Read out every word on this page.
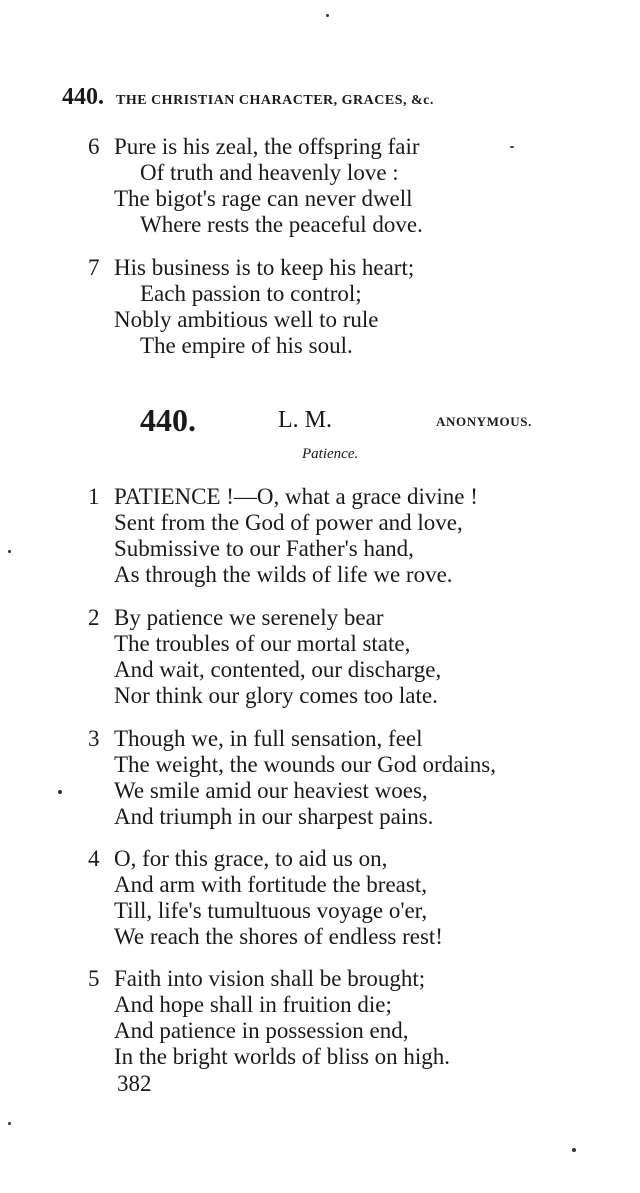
440. THE CHRISTIAN CHARACTER, GRACES, &c.
6 Pure is his zeal, the offspring fair
Of truth and heavenly love :
The bigot's rage can never dwell
Where rests the peaceful dove.
7 His business is to keep his heart;
Each passion to control;
Nobly ambitious well to rule
The empire of his soul.
440.	L. M.	ANONYMOUS.
Patience.
1 PATIENCE !—O, what a grace divine !
Sent from the God of power and love,
Submissive to our Father's hand,
As through the wilds of life we rove.
2 By patience we serenely bear
The troubles of our mortal state,
And wait, contented, our discharge,
Nor think our glory comes too late.
3 Though we, in full sensation, feel
The weight, the wounds our God ordains,
We smile amid our heaviest woes,
And triumph in our sharpest pains.
4 O, for this grace, to aid us on,
And arm with fortitude the breast,
Till, life's tumultuous voyage o'er,
We reach the shores of endless rest!
5 Faith into vision shall be brought;
And hope shall in fruition die;
And patience in possession end,
In the bright worlds of bliss on high.
382
